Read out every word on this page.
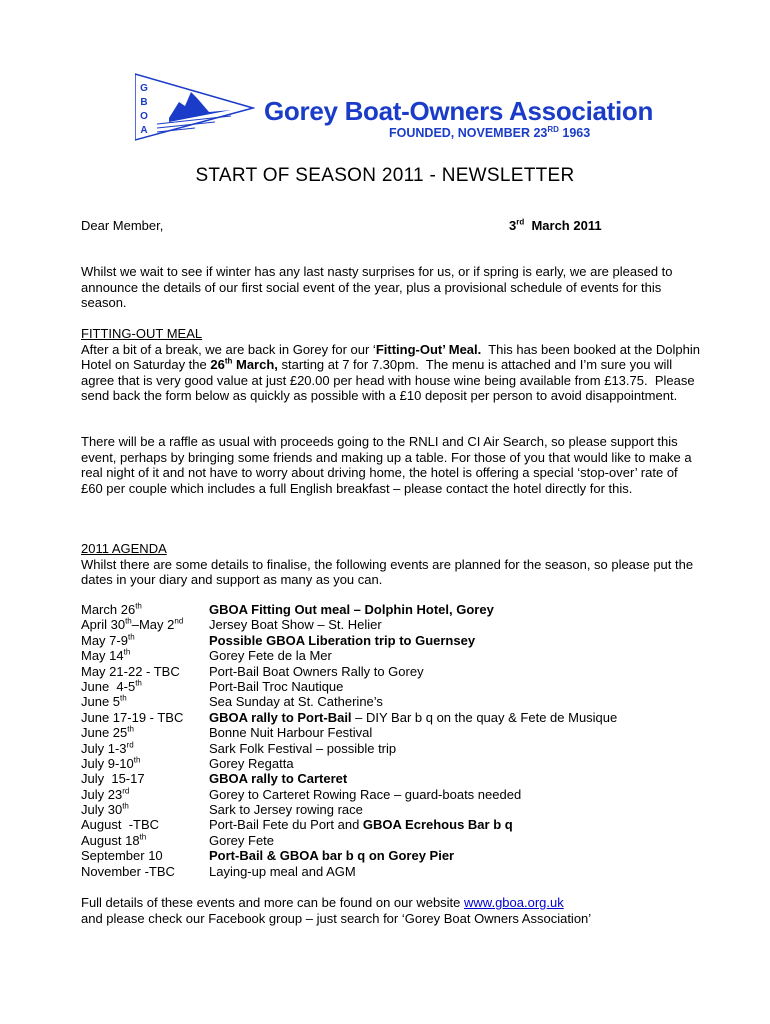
G
B
O
A
Gorey Boat-Owners Association
FOUNDED, NOVEMBER 23RD 1963
START OF SEASON 2011 - NEWSLETTER
Dear Member,	3rd  March 2011
Whilst we wait to see if winter has any last nasty surprises for us, or if spring is early, we are pleased to announce the details of our first social event of the year, plus a provisional schedule of events for this season.
FITTING-OUT MEAL
After a bit of a break, we are back in Gorey for our ‘Fitting-Out’ Meal.  This has been booked at the Dolphin Hotel on Saturday the 26th March, starting at 7 for 7.30pm.  The menu is attached and I’m sure you will agree that is very good value at just £20.00 per head with house wine being available from £13.75.  Please send back the form below as quickly as possible with a £10 deposit per person to avoid disappointment.
There will be a raffle as usual with proceeds going to the RNLI and CI Air Search, so please support this event, perhaps by bringing some friends and making up a table. For those of you that would like to make a real night of it and not have to worry about driving home, the hotel is offering a special ‘stop-over’ rate of £60 per couple which includes a full English breakfast – please contact the hotel directly for this.
2011 AGENDA
Whilst there are some details to finalise, the following events are planned for the season, so please put the dates in your diary and support as many as you can.
March 26th	GBOA Fitting Out meal – Dolphin Hotel, Gorey
April 30th–May 2nd	Jersey Boat Show – St. Helier
May 7-9th	Possible GBOA Liberation trip to Guernsey
May 14th	Gorey Fete de la Mer
May 21-22 - TBC	Port-Bail Boat Owners Rally to Gorey
June  4-5th	Port-Bail Troc Nautique
June 5th	Sea Sunday at St. Catherine’s
June 17-19 - TBC	GBOA rally to Port-Bail – DIY Bar b q on the quay & Fete de Musique
June 25th	Bonne Nuit Harbour Festival
July 1-3rd	Sark Folk Festival – possible trip
July 9-10th	Gorey Regatta
July  15-17	GBOA rally to Carteret
July 23rd	Gorey to Carteret Rowing Race – guard-boats needed
July 30th	Sark to Jersey rowing race
August  -TBC	Port-Bail Fete du Port and GBOA Ecrehous Bar b q
August 18th	Gorey Fete
September 10	Port-Bail & GBOA bar b q on Gorey Pier
November -TBC	Laying-up meal and AGM
Full details of these events and more can be found on our website www.gboa.org.uk
and please check our Facebook group – just search for ‘Gorey Boat Owners Association’
